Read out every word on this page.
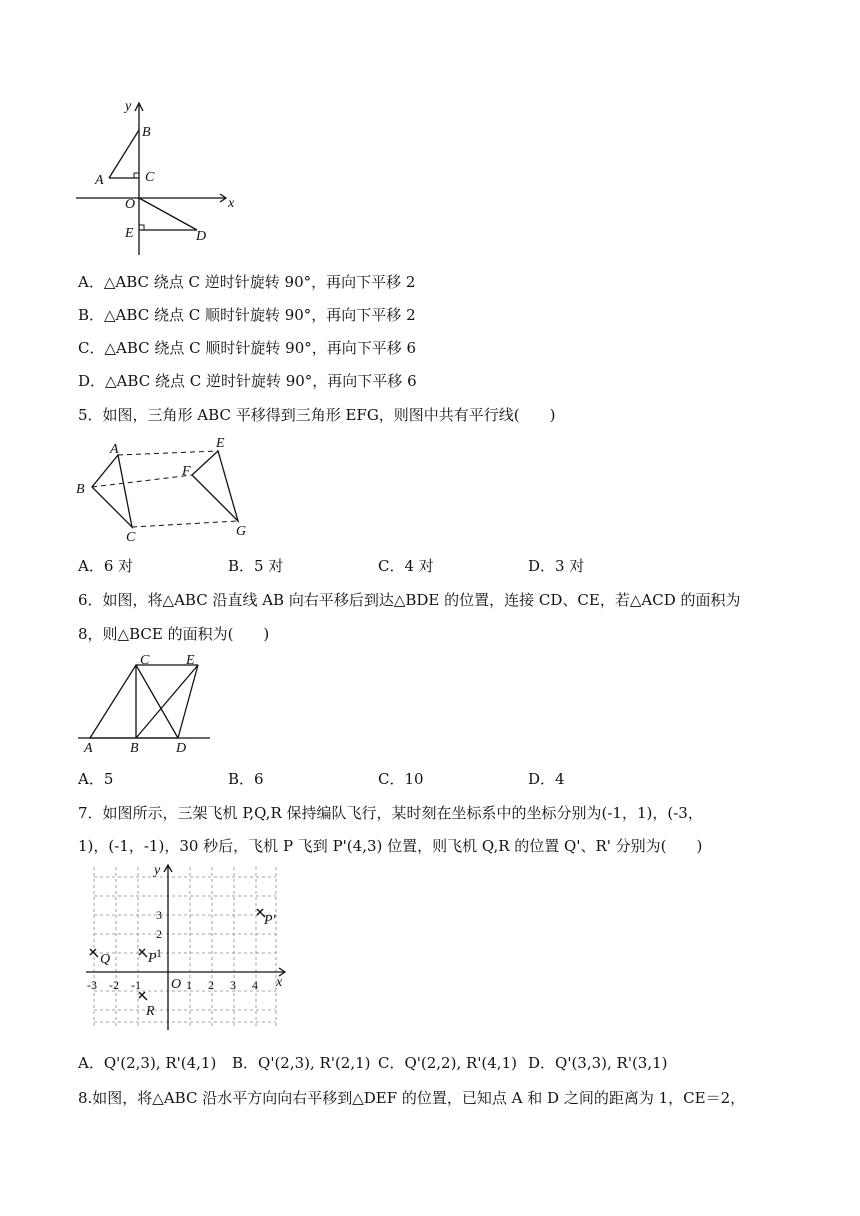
y
x
B
A	C
O
E	D
A．△ABC 绕点 C 逆时针旋转 90°，再向下平移 2
B．△ABC 绕点 C 顺时针旋转 90°，再向下平移 2
C．△ABC 绕点 C 顺时针旋转 90°，再向下平移 6
D．△ABC 绕点 C 逆时针旋转 90°，再向下平移 6
5．如图，三角形 ABC 平移得到三角形 EFG，则图中共有平行线(　　)
A
B
C
E
F
G
A．6 对	B．5 对	C．4 对	D．3 对
6．如图，将△ABC 沿直线 AB 向右平移后到达△BDE 的位置，连接 CD、CE，若△ACD 的面积为
8，则△BCE 的面积为(　　)
A	B	D
C	E
A．5	B．6	C．10	D．4
7．如图所示，三架飞机 P,Q,R 保持编队飞行，某时刻在坐标系中的坐标分别为(-1，1)，(-3，
1)，(-1，-1)，30 秒后，飞机 P 飞到 P'(4,3) 位置，则飞机 Q,R 的位置 Q'、R' 分别为(　　)
y
x
O
Q	P
R
P'
-3 -2 -1	1 2 3 4
3
2
1
A．Q'(2,3), R'(4,1) B．Q'(2,3), R'(2,1) C．Q'(2,2), R'(4,1) D．Q'(3,3), R'(3,1)
8.如图，将△ABC 沿水平方向向右平移到△DEF 的位置，已知点 A 和 D 之间的距离为 1，CE＝2，
